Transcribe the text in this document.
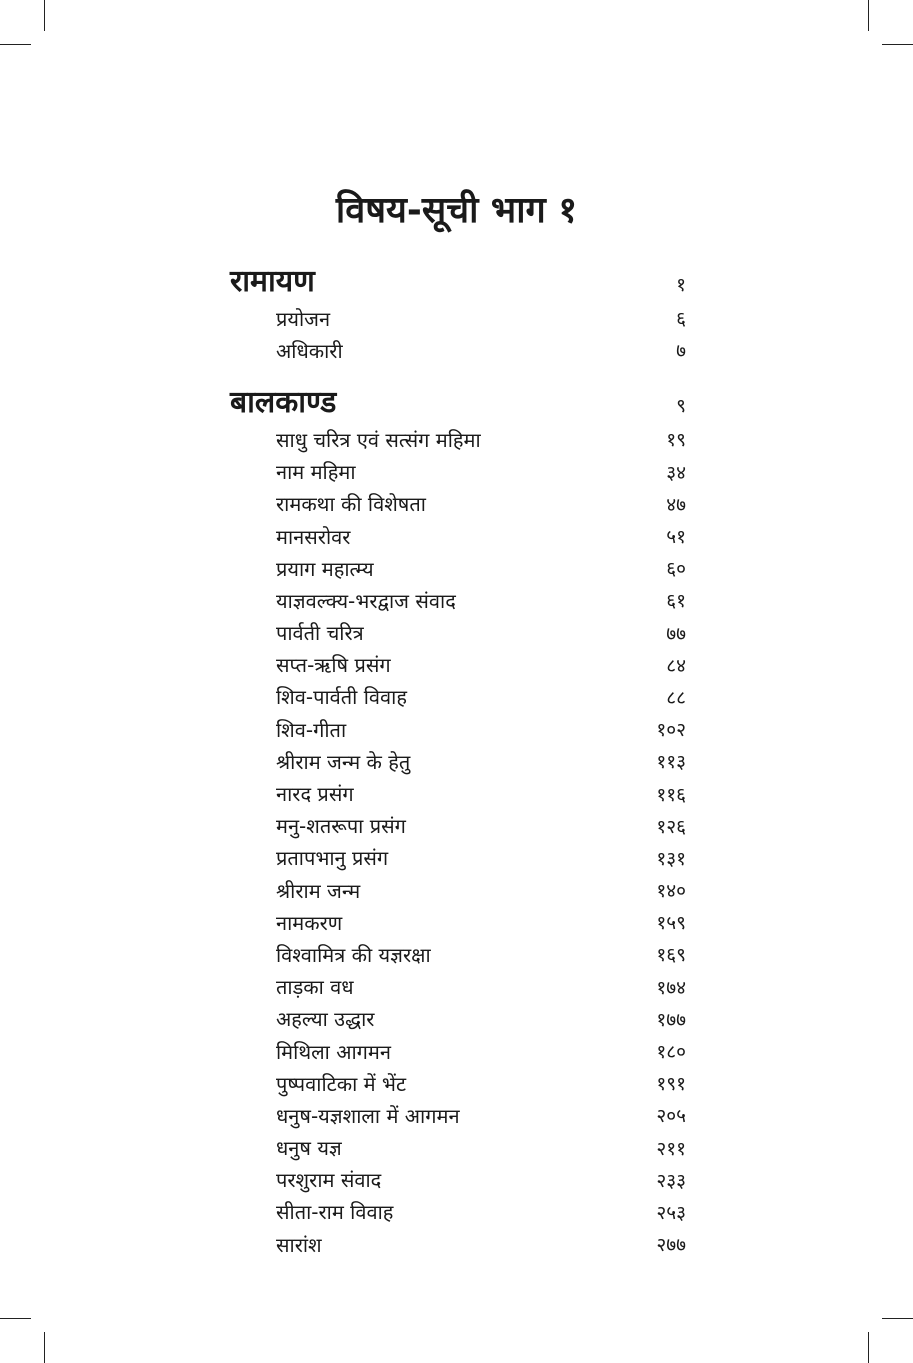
विषय-सूची भाग १
रामायण	१
प्रयोजन	६
अधिकारी	७
बालकाण्ड	९
साधु चरित्र एवं सत्संग महिमा	१९
नाम महिमा	३४
रामकथा की विशेषता	४७
मानसरोवर	५१
प्रयाग महात्म्य	६०
याज्ञवल्क्य-भरद्वाज संवाद	६१
पार्वती चरित्र	७७
सप्त-ऋषि प्रसंग	८४
शिव-पार्वती विवाह	८८
शिव-गीता	१०२
श्रीराम जन्म के हेतु	११३
नारद प्रसंग	११६
मनु-शतरूपा प्रसंग	१२६
प्रतापभानु प्रसंग	१३१
श्रीराम जन्म	१४०
नामकरण	१५९
विश्वामित्र की यज्ञरक्षा	१६९
ताड़का वध	१७४
अहल्या उद्धार	१७७
मिथिला आगमन	१८०
पुष्पवाटिका में भेंट	१९१
धनुष-यज्ञशाला में आगमन	२०५
धनुष यज्ञ	२११
परशुराम संवाद	२३३
सीता-राम विवाह	२५३
सारांश	२७७
